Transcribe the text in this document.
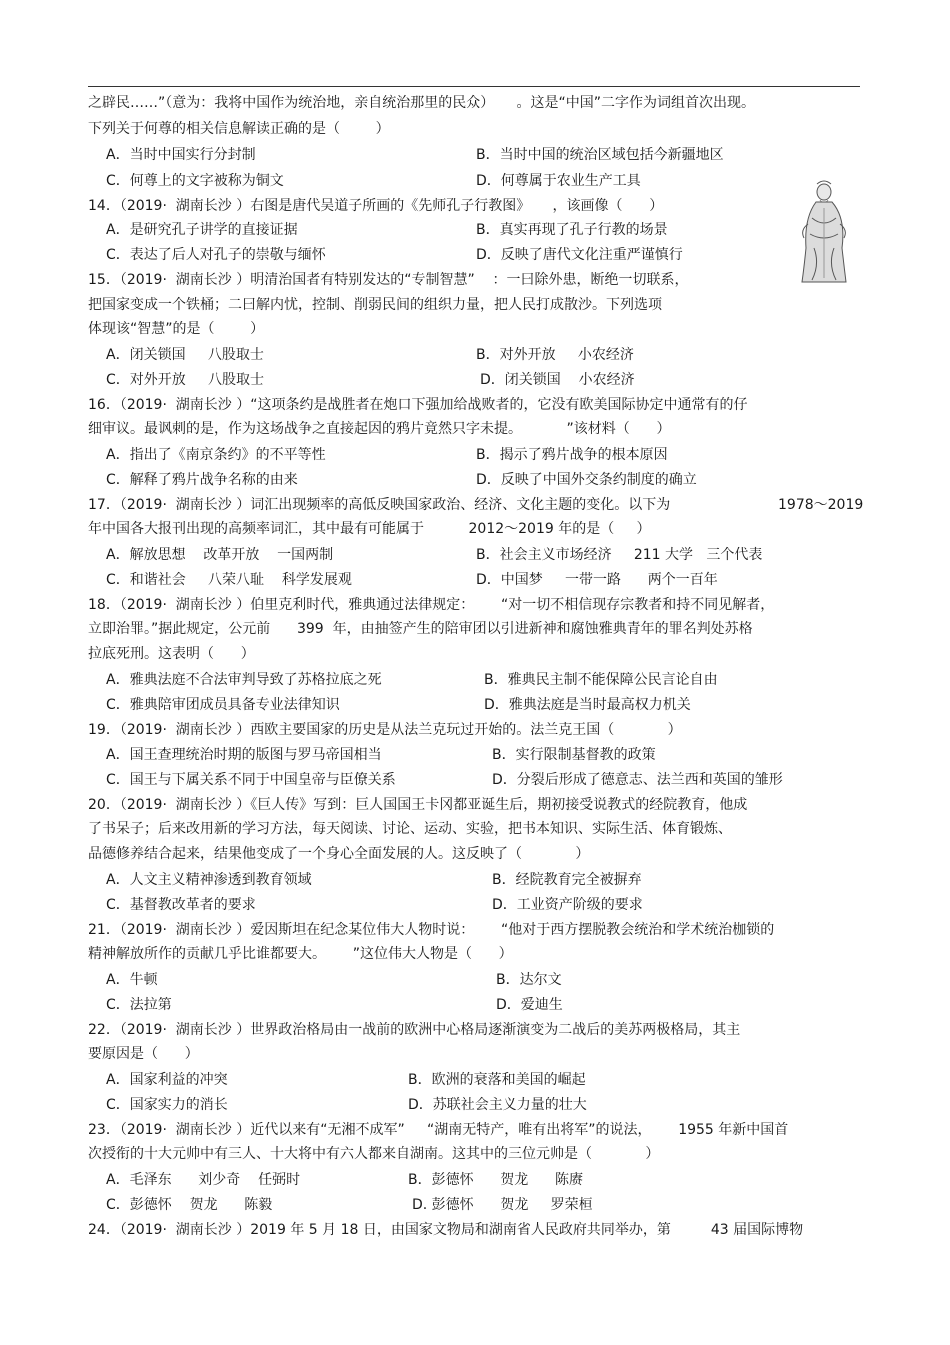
之辟民……”（意为：我将中国作为统治地，亲自统治那里的民众）     。这是“中国”二字作为词组首次出现。
下列关于何尊的相关信息解读正确的是（        ）
A．当时中国实行分封制	B．当时中国的统治区域包括今新疆地区
C．何尊上的文字被称为铜文	D．何尊属于农业生产工具
14．（2019·  湖南长沙 ）右图是唐代吴道子所画的《先师孔子行教图》     ，该画像（      ）
A．是研究孔子讲学的直接证据	B．真实再现了孔子行教的场景
C．表达了后人对孔子的崇敬与缅怀	D．反映了唐代文化注重严谨慎行
15．（2019·  湖南长沙 ）明清治国者有特别发达的“专制智慧”    ：一曰除外患，断绝一切联系，
把国家变成一个铁桶；二曰解内忧，控制、削弱民间的组织力量，把人民打成散沙。下列选项
体现该“智慧”的是（        ）
A．闭关锁国     八股取士	B．对外开放     小农经济
C．对外开放     八股取士	D．闭关锁国    小农经济
16．（2019·  湖南长沙 ）“这项条约是战胜者在炮口下强加给战败者的，它没有欧美国际协定中通常有的仔
细审议。最讽刺的是，作为这场战争之直接起因的鸦片竟然只字未提。          ”该材料（      ）
A．指出了《南京条约》的不平等性	B．揭示了鸦片战争的根本原因
C．解释了鸦片战争名称的由来	D．反映了中国外交条约制度的确立
17．（2019·  湖南长沙 ）词汇出现频率的高低反映国家政治、经济、文化主题的变化。以下为	1978～2019
年中国各大报刊出现的高频率词汇，其中最有可能属于          2012～2019 年的是（     ）
A．解放思想    改革开放    一国两制	B．社会主义市场经济     211 大学   三个代表
C．和谐社会     八荣八耻    科学发展观	D．中国梦     一带一路      两个一百年
18．（2019·  湖南长沙 ）伯里克利时代，雅典通过法律规定：      “对一切不相信现存宗教者和持不同见解者，
立即治罪。”据此规定，公元前      399  年，由抽签产生的陪审团以引进新神和腐蚀雅典青年的罪名判处苏格
拉底死刑。这表明（      ）
A．雅典法庭不合法审判导致了苏格拉底之死	B．雅典民主制不能保障公民言论自由
C．雅典陪审团成员具备专业法律知识	D．雅典法庭是当时最高权力机关
19．（2019·  湖南长沙 ）西欧主要国家的历史是从法兰克玩过开始的。法兰克王国（            ）
A．国王查理统治时期的版图与罗马帝国相当	B．实行限制基督教的政策
C．国王与下属关系不同于中国皇帝与臣僚关系	D．分裂后形成了德意志、法兰西和英国的雏形
20．（2019·  湖南长沙 ）《巨人传》写到：巨人国国王卡冈都亚诞生后，期初接受说教式的经院教育，他成
了书呆子；后来改用新的学习方法，每天阅读、讨论、运动、实验，把书本知识、实际生活、体育锻炼、
品德修养结合起来，结果他变成了一个身心全面发展的人。这反映了（            ）
A．人文主义精神渗透到教育领域	B．经院教育完全被摒弃
C．基督教改革者的要求	D．工业资产阶级的要求
21．（2019·  湖南长沙 ）爱因斯坦在纪念某位伟大人物时说：      “他对于西方摆脱教会统治和学术统治枷锁的
精神解放所作的贡献几乎比谁都要大。      ”这位伟大人物是（      ）
A．牛顿	B．达尔文
C．法拉第	D．爱迪生
22．（2019·  湖南长沙 ）世界政治格局由一战前的欧洲中心格局逐渐演变为二战后的美苏两极格局，其主
要原因是（      ）
A．国家利益的冲突	B．欧洲的衰落和美国的崛起
C．国家实力的消长	D．苏联社会主义力量的壮大
23．（2019·  湖南长沙 ）近代以来有“无湘不成军”     “湖南无特产，唯有出将军”的说法，      1955 年新中国首
次授衔的十大元帅中有三人、十大将中有六人都来自湖南。这其中的三位元帅是（            ）
A．毛泽东      刘少奇    任弼时	B．彭德怀      贺龙      陈赓
C．彭德怀    贺龙      陈毅	D. 彭德怀      贺龙     罗荣桓
24．（2019·  湖南长沙 ）2019 年 5 月 18 日，由国家文物局和湖南省人民政府共同举办，第         43 届国际博物
